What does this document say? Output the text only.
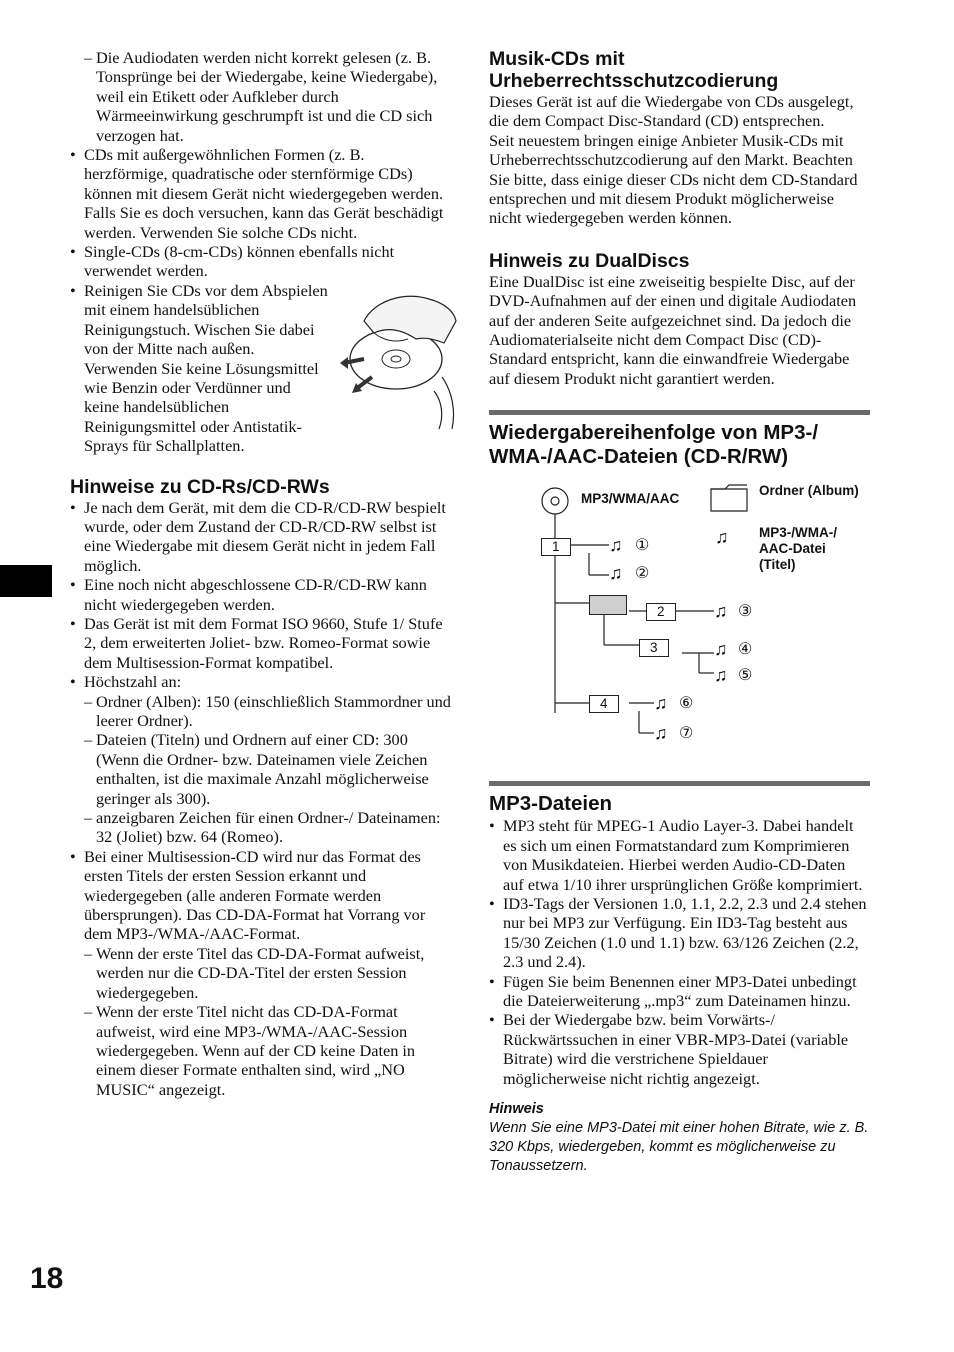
– Die Audiodaten werden nicht korrekt gelesen (z. B. Tonsprünge bei der Wiedergabe, keine Wiedergabe), weil ein Etikett oder Aufkleber durch Wärmeeinwirkung geschrumpft ist und die CD sich verzogen hat.
• CDs mit außergewöhnlichen Formen (z. B. herzförmige, quadratische oder sternförmige CDs) können mit diesem Gerät nicht wiedergegeben werden. Falls Sie es doch versuchen, kann das Gerät beschädigt werden. Verwenden Sie solche CDs nicht.
• Single-CDs (8-cm-CDs) können ebenfalls nicht verwendet werden.
• Reinigen Sie CDs vor dem Abspielen mit einem handelsüblichen Reinigungstuch. Wischen Sie dabei von der Mitte nach außen. Verwenden Sie keine Lösungsmittel wie Benzin oder Verdünner und keine handelsüblichen Reinigungsmittel oder Antistatik-Sprays für Schallplatten.
Hinweise zu CD-Rs/CD-RWs
• Je nach dem Gerät, mit dem die CD-R/CD-RW bespielt wurde, oder dem Zustand der CD-R/CD-RW selbst ist eine Wiedergabe mit diesem Gerät nicht in jedem Fall möglich.
• Eine noch nicht abgeschlossene CD-R/CD-RW kann nicht wiedergegeben werden.
• Das Gerät ist mit dem Format ISO 9660, Stufe 1/ Stufe 2, dem erweiterten Joliet- bzw. Romeo-Format sowie dem Multisession-Format kompatibel.
• Höchstzahl an:
– Ordner (Alben): 150 (einschließlich Stammordner und leerer Ordner).
– Dateien (Titeln) und Ordnern auf einer CD: 300 (Wenn die Ordner- bzw. Dateinamen viele Zeichen enthalten, ist die maximale Anzahl möglicherweise geringer als 300).
– anzeigbaren Zeichen für einen Ordner-/ Dateinamen: 32 (Joliet) bzw. 64 (Romeo).
• Bei einer Multisession-CD wird nur das Format des ersten Titels der ersten Session erkannt und wiedergegeben (alle anderen Formate werden übersprungen). Das CD-DA-Format hat Vorrang vor dem MP3-/WMA-/AAC-Format.
– Wenn der erste Titel das CD-DA-Format aufweist, werden nur die CD-DA-Titel der ersten Session wiedergegeben.
– Wenn der erste Titel nicht das CD-DA-Format aufweist, wird eine MP3-/WMA-/AAC-Session wiedergegeben. Wenn auf der CD keine Daten in einem dieser Formate enthalten sind, wird „NO MUSIC“ angezeigt.
Musik-CDs mit Urheberrechtsschutzcodierung

Dieses Gerät ist auf die Wiedergabe von CDs ausgelegt, die dem Compact Disc-Standard (CD) entsprechen.

Seit neuestem bringen einige Anbieter Musik-CDs mit Urheberrechtsschutzcodierung auf den Markt. Beachten Sie bitte, dass einige dieser CDs nicht dem CD-Standard entsprechen und mit diesem Produkt möglicherweise nicht wiedergegeben werden können.

Hinweis zu DualDiscs

Eine DualDisc ist eine zweiseitig bespielte Disc, auf der DVD-Aufnahmen auf der einen und digitale Audiodaten auf der anderen Seite aufgezeichnet sind. Da jedoch die Audiomaterialseite nicht dem Compact Disc (CD)-Standard entspricht, kann die einwandfreie Wiedergabe auf diesem Produkt nicht garantiert werden.

Wiedergabereihenfolge von MP3-/ WMA-/AAC-Dateien (CD-R/RW)
MP3/WMA/AAC
Ordner (Album)
♫ MP3-/WMA-/ AAC-Datei (Titel)
1	♫ ①
♫ ②
2	♫ ③
3	♫ ④
♫ ⑤
4	♫ ⑥
♫ ⑦
MP3-Dateien
• MP3 steht für MPEG-1 Audio Layer-3. Dabei handelt es sich um einen Formatstandard zum Komprimieren von Musikdateien. Hierbei werden Audio-CD-Daten auf etwa 1/10 ihrer ursprünglichen Größe komprimiert.
• ID3-Tags der Versionen 1.0, 1.1, 2.2, 2.3 und 2.4 stehen nur bei MP3 zur Verfügung. Ein ID3-Tag besteht aus 15/30 Zeichen (1.0 und 1.1) bzw. 63/126 Zeichen (2.2, 2.3 und 2.4).
• Fügen Sie beim Benennen einer MP3-Datei unbedingt die Dateierweiterung „.mp3“ zum Dateinamen hinzu.
• Bei der Wiedergabe bzw. beim Vorwärts-/ Rückwärtssuchen in einer VBR-MP3-Datei (variable Bitrate) wird die verstrichene Spieldauer möglicherweise nicht richtig angezeigt.
Hinweis
Wenn Sie eine MP3-Datei mit einer hohen Bitrate, wie z. B. 320 Kbps, wiedergeben, kommt es möglicherweise zu Tonaussetzern.
18
